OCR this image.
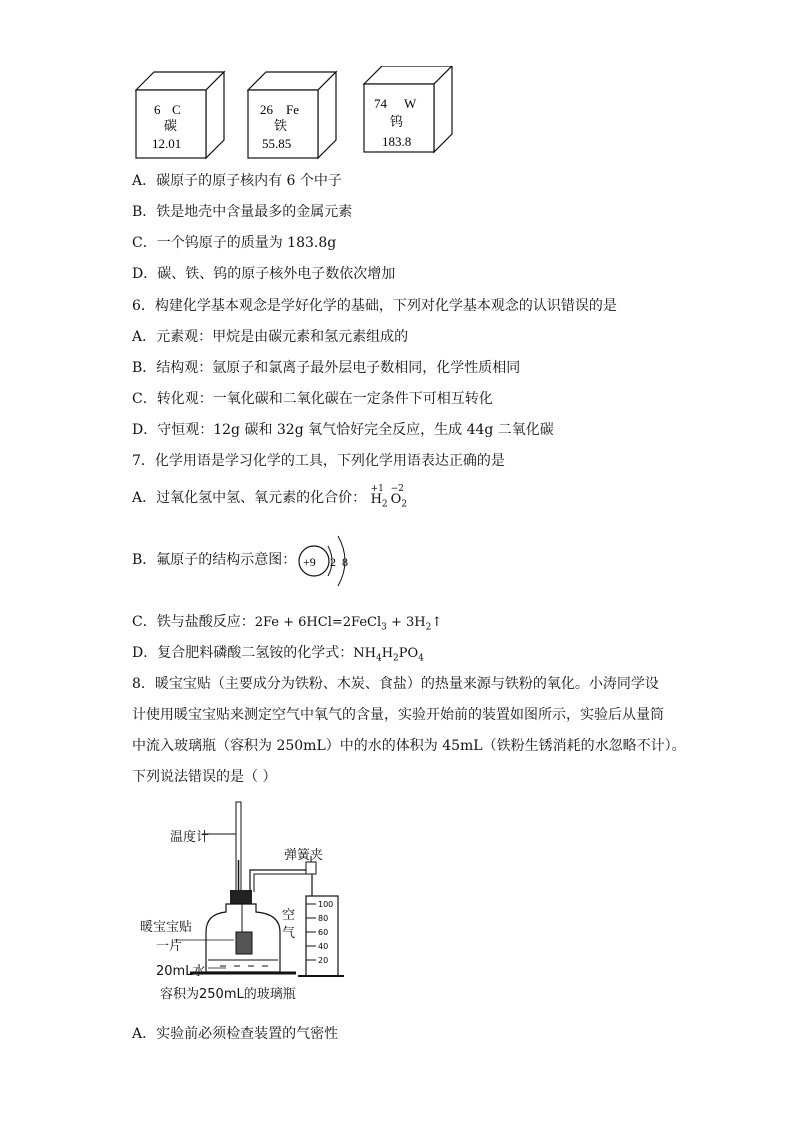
6 C
碳
12.01
26 Fe
铁
55.85
74 W
钨
183.8
A．碳原子的原子核内有 6 个中子
B．铁是地壳中含量最多的金属元素
C．一个钨原子的质量为 183.8g
D．碳、铁、钨的原子核外电子数依次增加
6．构建化学基本观念是学好化学的基础，下列对化学基本观念的认识错误的是
A．元素观：甲烷是由碳元素和氢元素组成的
B．结构观：氩原子和氯离子最外层电子数相同，化学性质相同
C．转化观：一氧化碳和二氧化碳在一定条件下可相互转化
D．守恒观：12g 碳和 32g 氧气恰好完全反应，生成 44g 二氧化碳
7．化学用语是学习化学的工具，下列化学用语表达正确的是
A．过氧化氢中氢、氧元素的化合价：
+1 −2
$H_2$ $O_2$
B．氟原子的结构示意图： +9 2 8
C．铁与盐酸反应：2Fe + 6HCl=2FeCl$_3$ + $3H_2↑$
D．复合肥料磷酸二氢铵的化学式：$NH_4H_2PO_4$
8．暖宝宝贴（主要成分为铁粉、木炭、食盐）的热量来源与铁粉的氧化。小涛同学设
计使用暖宝宝贴来测定空气中氧气的含量，实验开始前的装置如图所示，实验后从量筒
中流入玻璃瓶（容积为 250mL）中的水的体积为 45mL（铁粉生锈消耗的水忽略不计）。
下列说法错误的是（ ）
100
80
60
40
20
温度计
弹簧夹
空
气
暖宝宝贴
一片
20mL水
容积为250mL的玻璃瓶
A．实验前必须检查装置的气密性
